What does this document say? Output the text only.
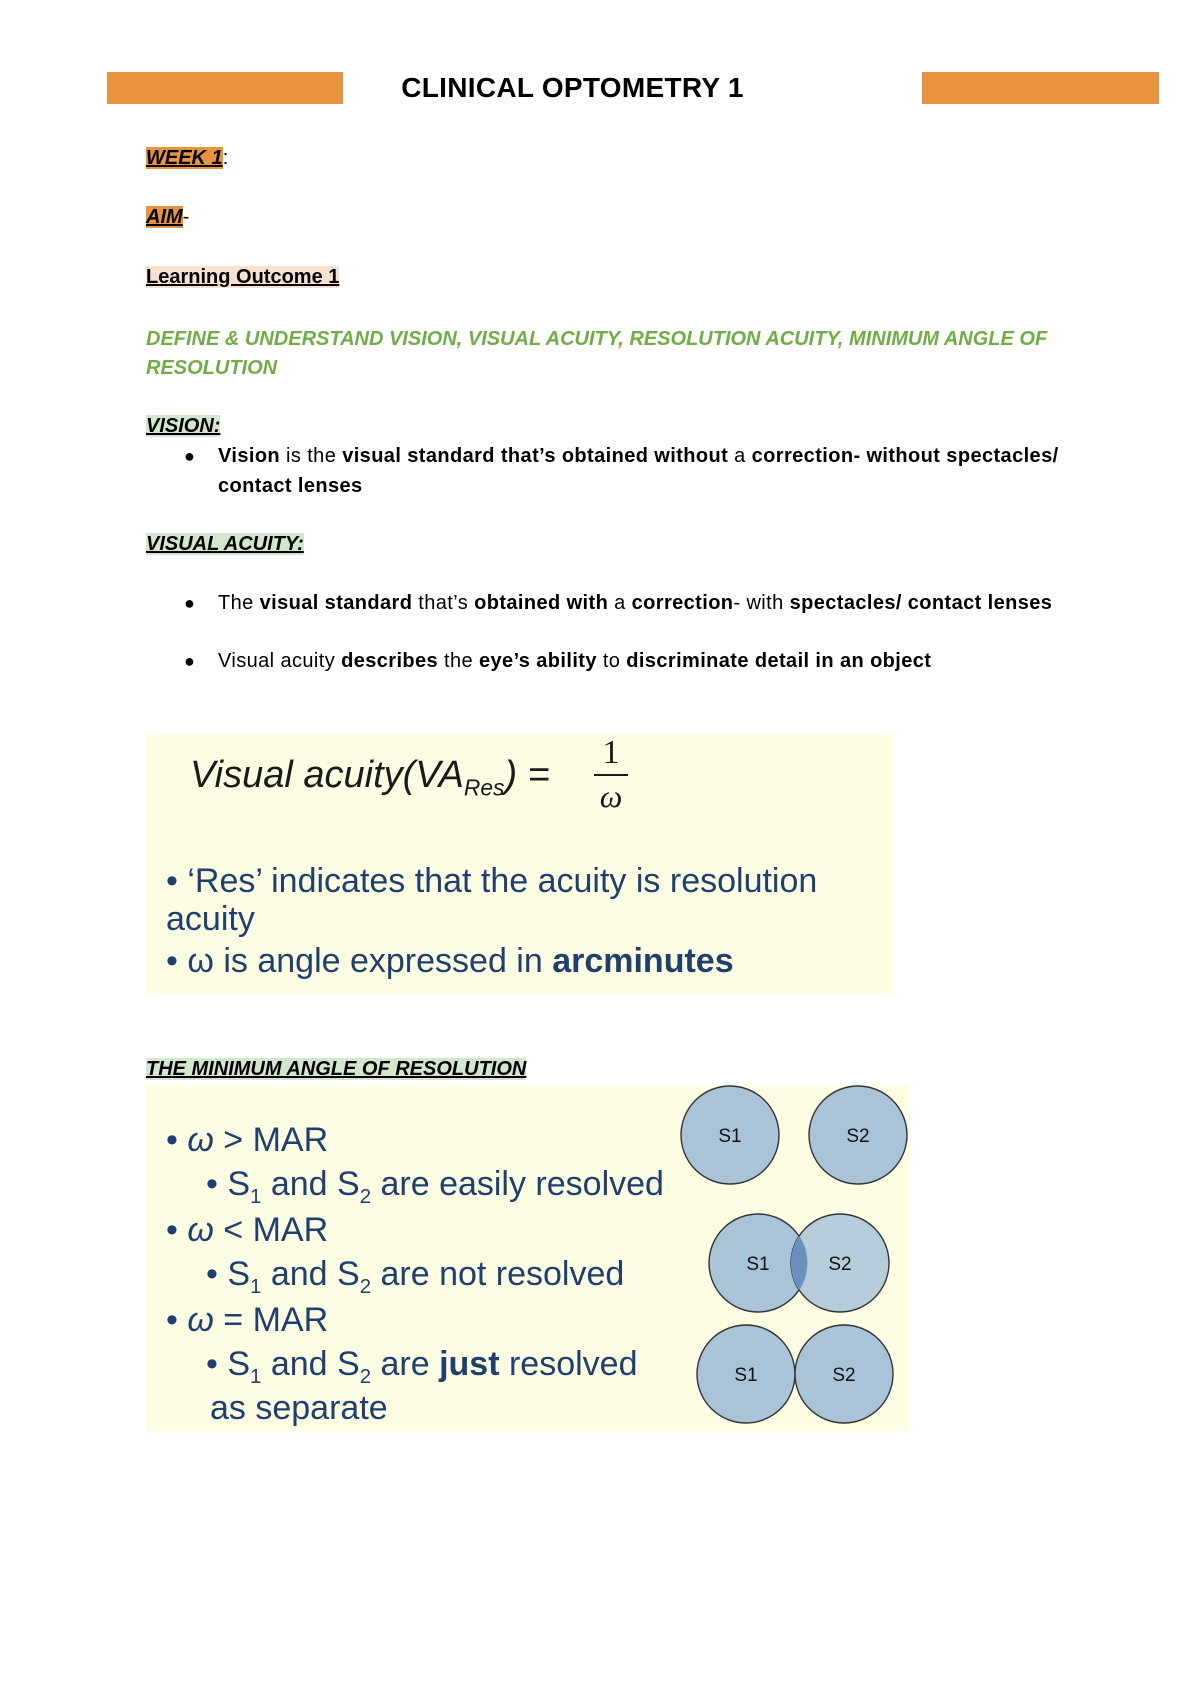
CLINICAL OPTOMETRY 1
WEEK 1:
AIM-
Learning Outcome 1
DEFINE & UNDERSTAND VISION, VISUAL ACUITY, RESOLUTION ACUITY, MINIMUM ANGLE OF RESOLUTION
VISION:
● Vision is the visual standard that’s obtained without a correction- without spectacles/ contact lenses
VISUAL ACUITY:
● The visual standard that’s obtained with a correction- with spectacles/ contact lenses
● Visual acuity describes the eye’s ability to discriminate detail in an object
Visual $acuity(VA_{Res})$ =
1
ω
• ‘Res’ indicates that the acuity is resolution acuity
• ω is angle expressed in arcminutes
THE MINIMUM ANGLE OF RESOLUTION
• ω > MAR
• $S_1$ and $S_2$ are easily resolved
• ω < MAR
• $S_1$ and $S_2$ are not resolved
• ω = MAR
• $S_1$ and $S_2$ are just resolved
as separate
S1	S2
S1	S2
S1	S2
